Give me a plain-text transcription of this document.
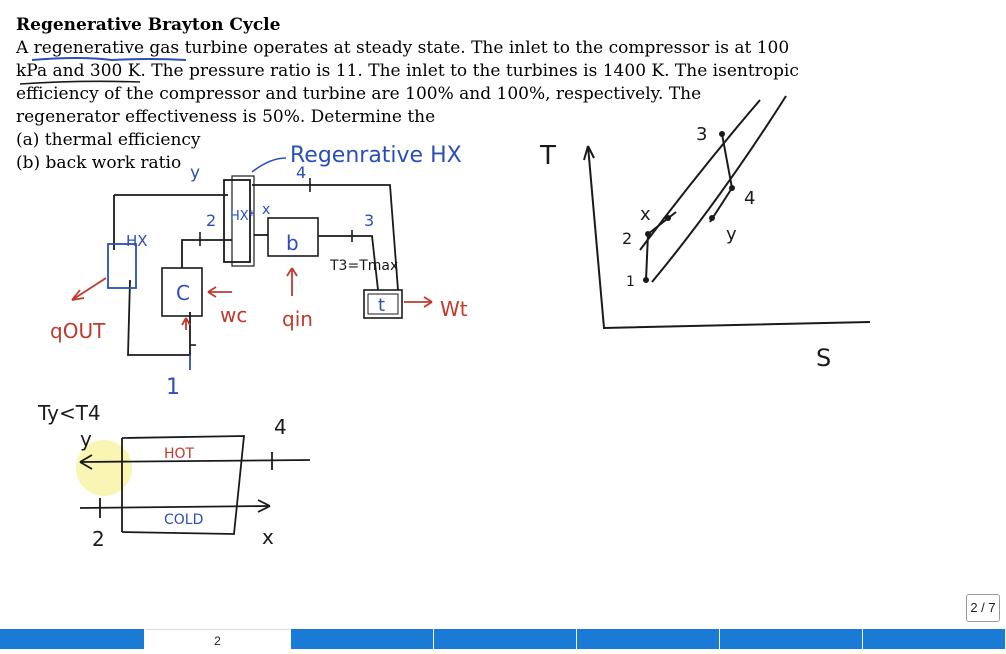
Regenerative Brayton Cycle
A regenerative gas turbine operates at steady state. The inlet to the compressor is at 100
kPa and 300 K. The pressure ratio is 11. The inlet to the turbines is 1400 K. The isentropic
efficiency of the compressor and turbine are 100% and 100%, respectively. The
regenerator effectiveness is 50%. Determine the
(a) thermal efficiency
(b) back work ratio	Regenrative HX
HX
HX*
C
b
t
y
2	3
4
1
x
T3=Tmax
qOUT
wc qin	Wt
T
S
1
2
3
4
x
y
Ty<T4
HOT
COLD
y	4
2	x
2 / 7
2
